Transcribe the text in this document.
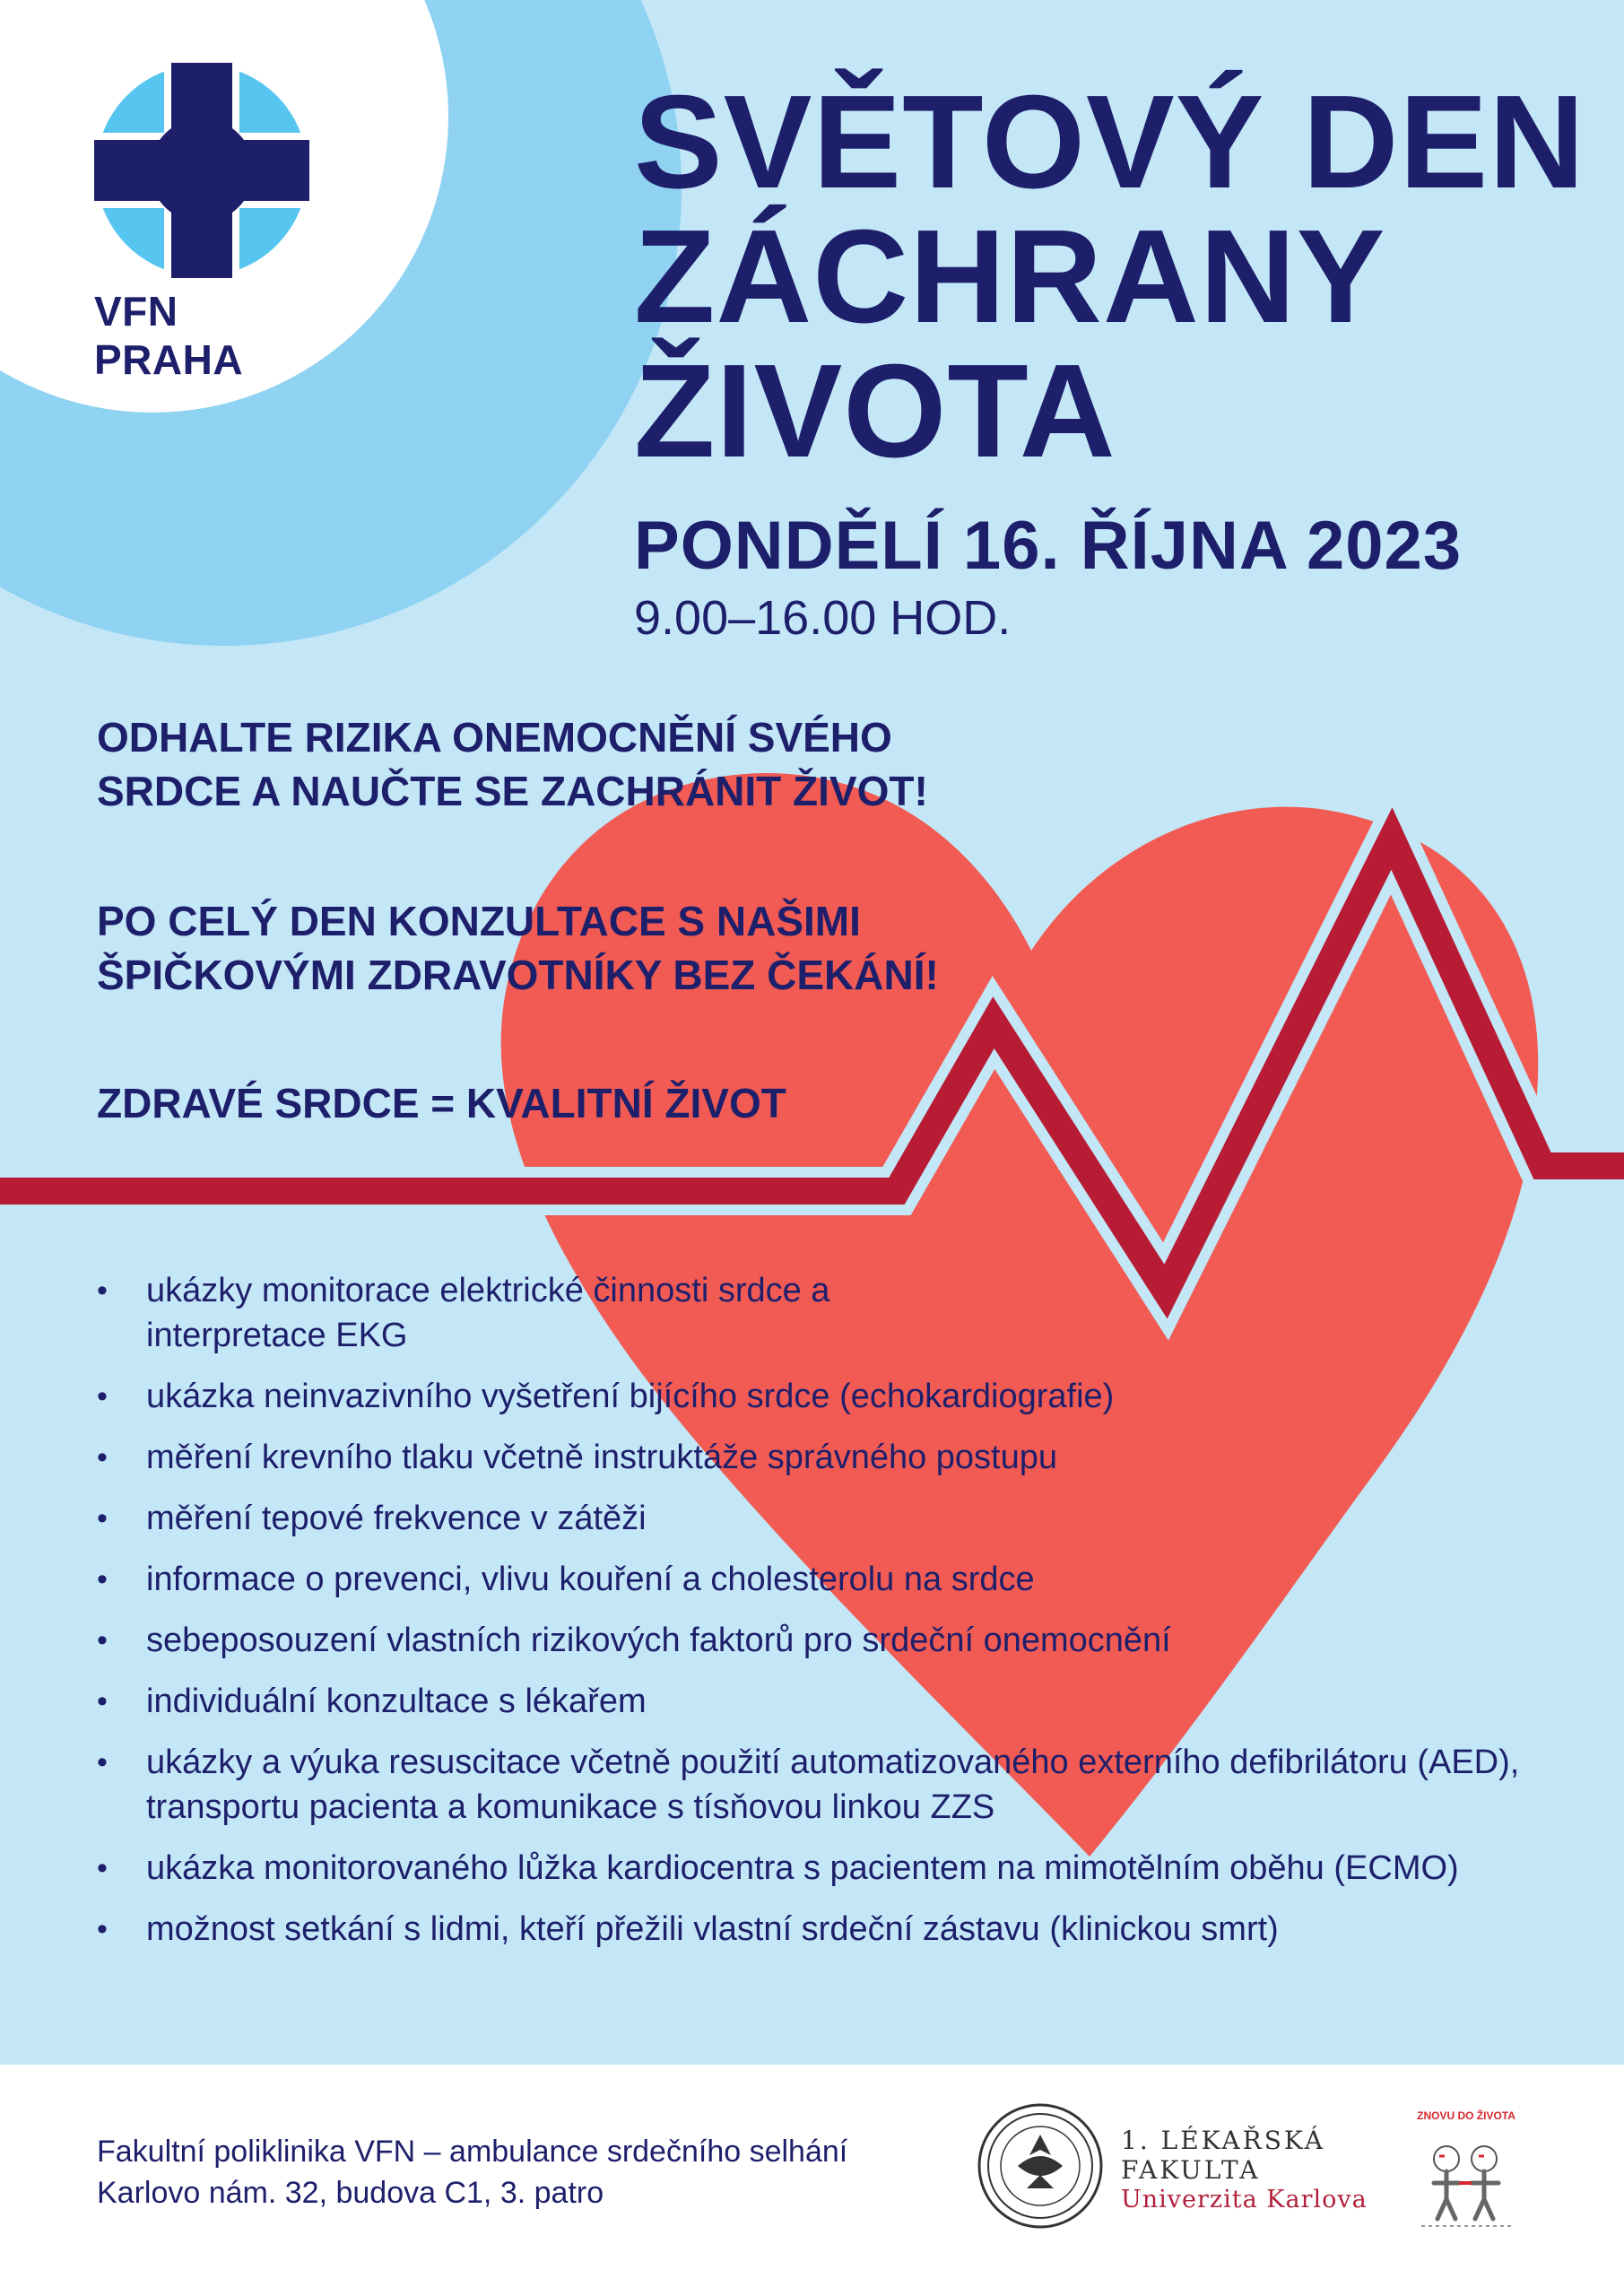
VFN PRAHA
SVĚTOVÝ DEN
ZÁCHRANY
ŽIVOTA
PONDĚLÍ 16. ŘÍJNA 2023
9.00–16.00 HOD.
ODHALTE RIZIKA ONEMOCNĚNÍ SVÉHO SRDCE A NAUČTE SE ZACHRÁNIT ŽIVOT!
PO CELÝ DEN KONZULTACE S NAŠIMI ŠPIČKOVÝMI ZDRAVOTNÍKY BEZ ČEKÁNÍ!
ZDRAVÉ SRDCE = KVALITNÍ ŽIVOT
• ukázky monitorace elektrické činnosti srdce a interpretace EKG
• ukázka neinvazivního vyšetření bijícího srdce (echokardiografie)
• měření krevního tlaku včetně instruktáže správného postupu
• měření tepové frekvence v zátěži
• informace o prevenci, vlivu kouření a cholesterolu na srdce
• sebeposouzení vlastních rizikových faktorů pro srdeční onemocnění
• individuální konzultace s lékařem
• ukázky a výuka resuscitace včetně použití automatizovaného externího defibrilátoru (AED), transportu pacienta a komunikace s tísňovou linkou ZZS
• ukázka monitorovaného lůžka kardiocentra s pacientem na mimotělním oběhu (ECMO)
• možnost setkání s lidmi, kteří přežili vlastní srdeční zástavu (klinickou smrt)
Fakultní poliklinika VFN – ambulance srdečního selhání
Karlovo nám. 32, budova C1, 3. patro
1. LÉKAŘSKÁ
FAKULTA
Univerzita Karlova
ZNOVU DO ŽIVOTA
